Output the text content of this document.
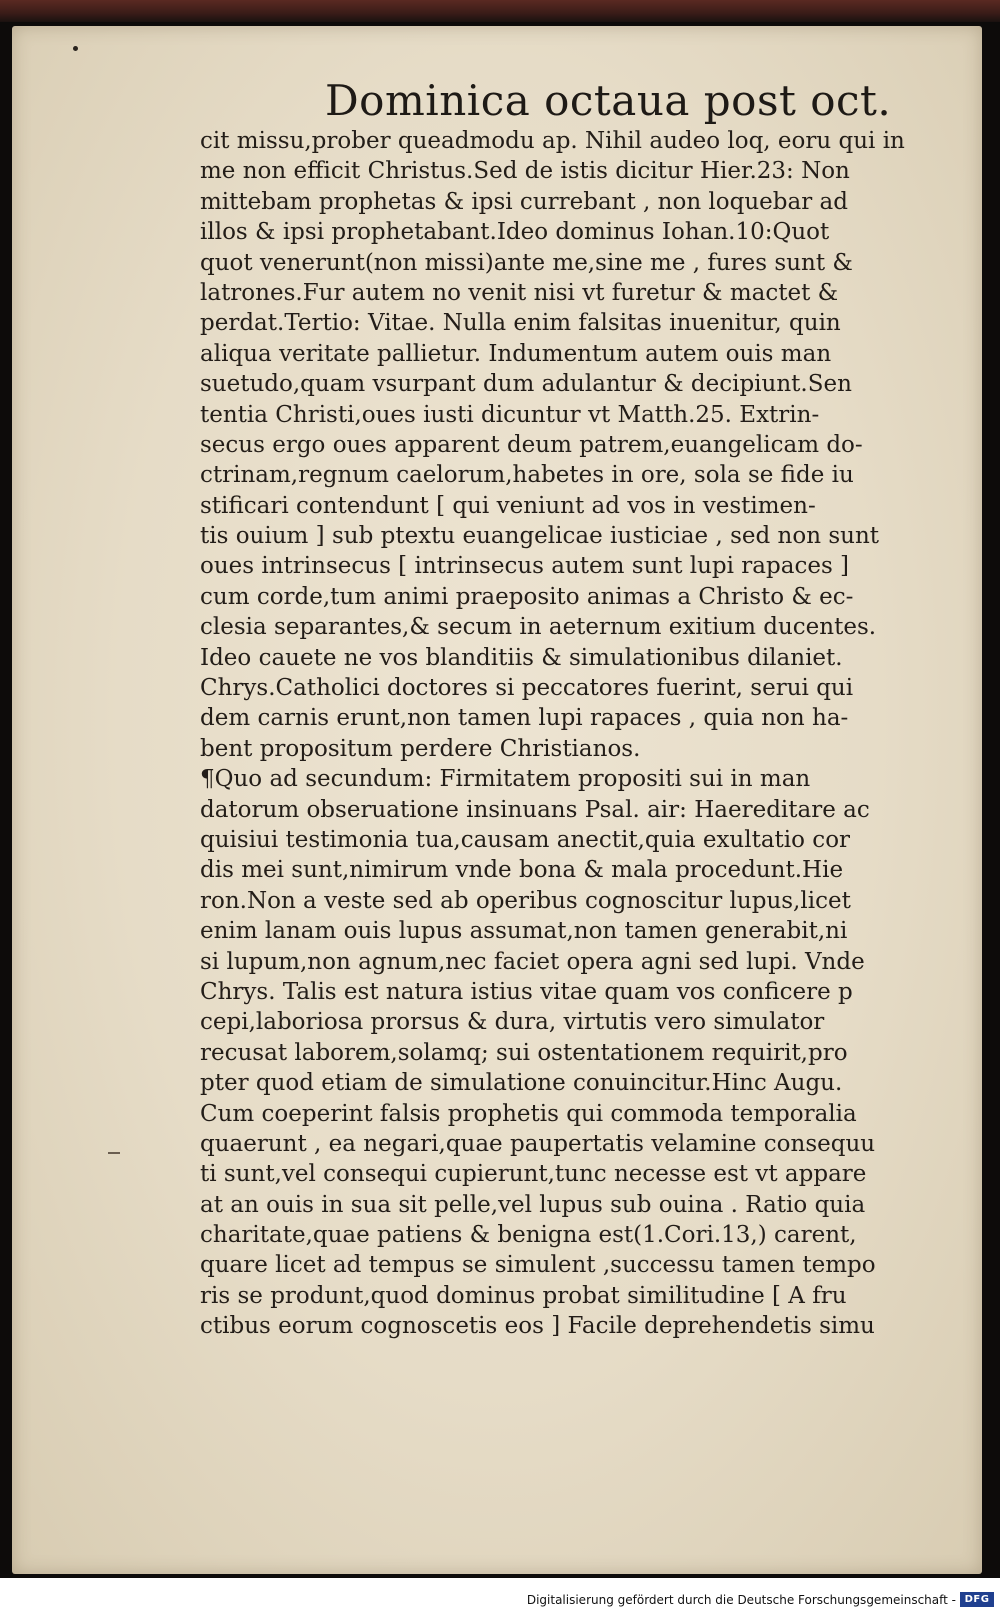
Dominica octaua post oct.
cit missu,prober queadmodu ap. Nihil audeo loq, eoru qui in
me non efficit Christus.Sed de istis dicitur Hier.23: Non
mittebam prophetas & ipsi currebant , non loquebar ad
illos & ipsi prophetabant.Ideo dominus Iohan.10:Quot
quot venerunt(non missi)ante me,sine me , fures sunt &
latrones.Fur autem no venit nisi vt furetur & mactet &
perdat.Tertio: Vitae. Nulla enim falsitas inuenitur, quin
aliqua veritate pallietur. Indumentum autem ouis man
suetudo,quam vsurpant dum adulantur & decipiunt.Sen
tentia Christi,oues iusti dicuntur vt Matth.25. Extrin-
secus ergo oues apparent deum patrem,euangelicam do-
ctrinam,regnum caelorum,habetes in ore, sola se fide iu
stificari contendunt [ qui veniunt ad vos in vestimen-
tis ouium ] sub ptextu euangelicae iusticiae , sed non sunt
oues intrinsecus [ intrinsecus autem sunt lupi rapaces ]
cum corde,tum animi praeposito animas a Christo & ec-
clesia separantes,& secum in aeternum exitium ducentes.
Ideo cauete ne vos blanditiis & simulationibus dilaniet.
Chrys.Catholici doctores si peccatores fuerint, serui qui
dem carnis erunt,non tamen lupi rapaces , quia non ha-
bent propositum perdere Christianos.
¶Quo ad secundum: Firmitatem propositi sui in man
datorum obseruatione insinuans Psal. air: Haereditare ac
quisiui testimonia tua,causam anectit,quia exultatio cor
dis mei sunt,nimirum vnde bona & mala procedunt.Hie
ron.Non a veste sed ab operibus cognoscitur lupus,licet
enim lanam ouis lupus assumat,non tamen generabit,ni
si lupum,non agnum,nec faciet opera agni sed lupi. Vnde
Chrys. Talis est natura istius vitae quam vos conficere p
cepi,laboriosa prorsus & dura, virtutis vero simulator
recusat laborem,solamq; sui ostentationem requirit,pro
pter quod etiam de simulatione conuincitur.Hinc Augu.
Cum coeperint falsis prophetis qui commoda temporalia
quaerunt , ea negari,quae paupertatis velamine consequu
ti sunt,vel consequi cupierunt,tunc necesse est vt appare
at an ouis in sua sit pelle,vel lupus sub ouina . Ratio quia
charitate,quae patiens & benigna est(1.Cori.13,) carent,
quare licet ad tempus se simulent ,successu tamen tempo
ris se produnt,quod dominus probat similitudine [ A fru
ctibus eorum cognoscetis eos ] Facile deprehendetis simu
Digitalisierung gefördert durch die Deutsche Forschungsgemeinschaft - DFG
